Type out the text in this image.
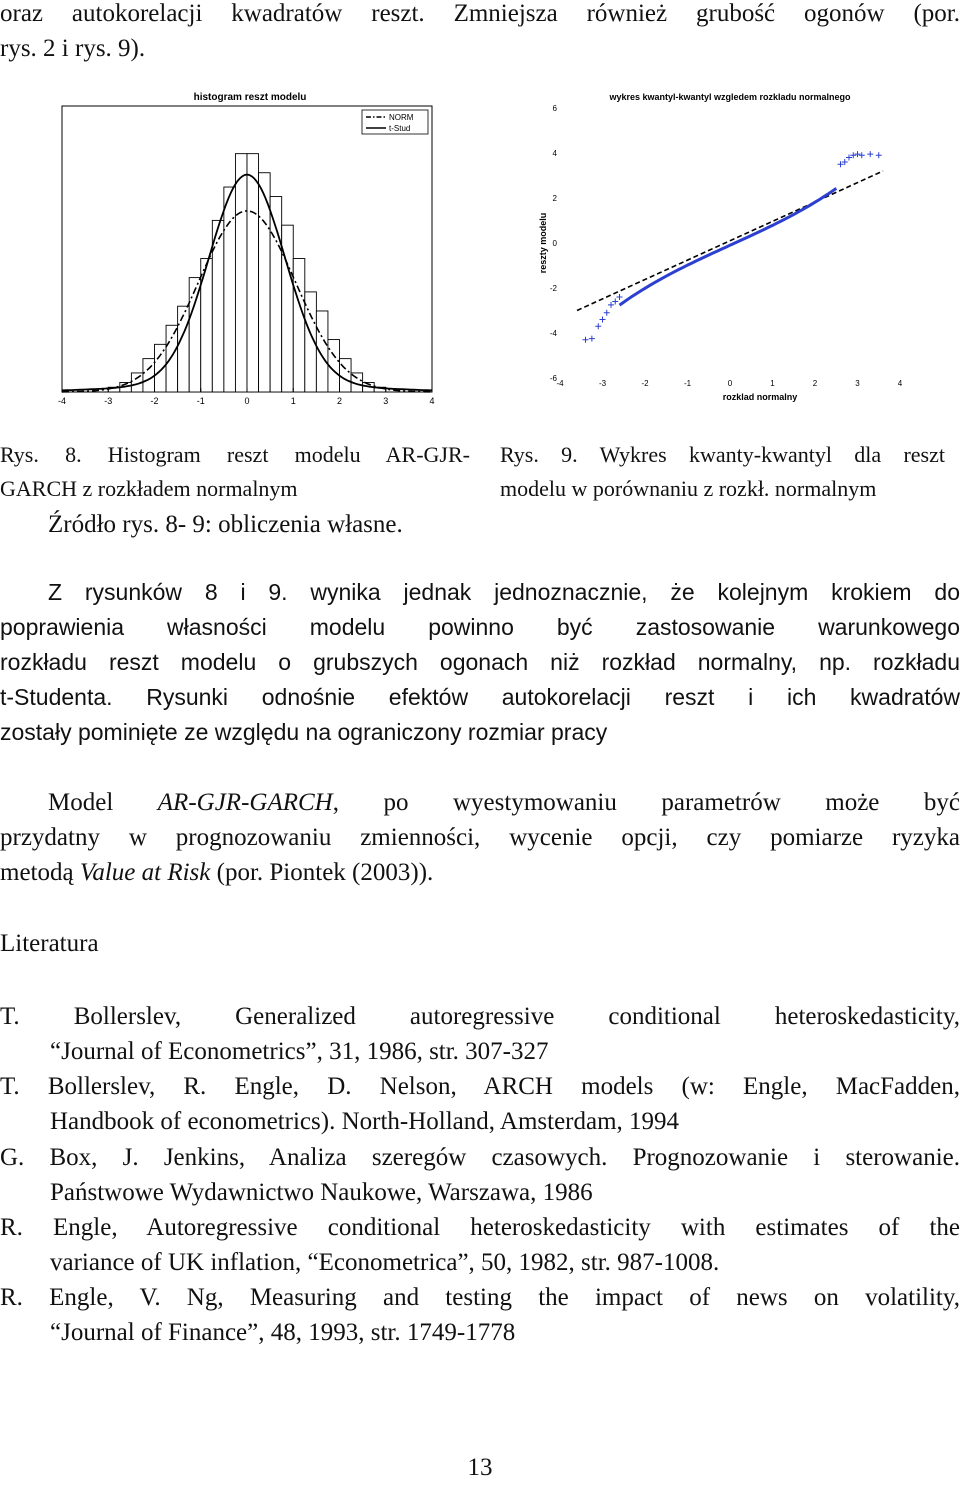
oraz autokorelacji kwadratów reszt. Zmniejsza również grubość ogonów (por.
rys. 2 i rys. 9).
histogram reszt modelu
-4	-3	-2	-1	0	1	2	3	4
NORM
t-Stud
wykres kwantyl-kwantyl wzgledem rozkladu normalnego
6
4
2
0
-2
-4
-6
-4	-3	-2	-1	0	1	2	3	4
rozklad normalny
reszty modelu
Rys. 8. Histogram reszt modelu AR-GJR-
GARCH z rozkładem normalnym
Źródło rys. 8- 9: obliczenia własne.
Rys. 9. Wykres kwanty-kwantyl dla reszt
modelu w porównaniu z rozkł. normalnym
Z rysunków 8 i 9. wynika jednak jednoznacznie, że kolejnym krokiem do
poprawienia własności modelu powinno być zastosowanie warunkowego
rozkładu reszt modelu o grubszych ogonach niż rozkład normalny, np. rozkładu
t-Studenta. Rysunki odnośnie efektów autokorelacji reszt i ich kwadratów
zostały pominięte ze względu na ograniczony rozmiar pracy
Model AR-GJR-GARCH, po wyestymowaniu parametrów może być
przydatny w prognozowaniu zmienności, wycenie opcji, czy pomiarze ryzyka
metodą Value at Risk (por. Piontek (2003)).
Literatura
T. Bollerslev, Generalized autoregressive conditional heteroskedasticity,
“Journal of Econometrics”, 31, 1986, str. 307-327
T. Bollerslev, R. Engle, D. Nelson, ARCH models (w: Engle, MacFadden,
Handbook of econometrics). North-Holland, Amsterdam, 1994
G. Box, J. Jenkins, Analiza szeregów czasowych. Prognozowanie i sterowanie.
Państwowe Wydawnictwo Naukowe, Warszawa, 1986
R. Engle, Autoregressive conditional heteroskedasticity with estimates of the
variance of UK inflation, “Econometrica”, 50, 1982, str. 987-1008.
R. Engle, V. Ng, Measuring and testing the impact of news on volatility,
“Journal of Finance”, 48, 1993, str. 1749-1778
13
